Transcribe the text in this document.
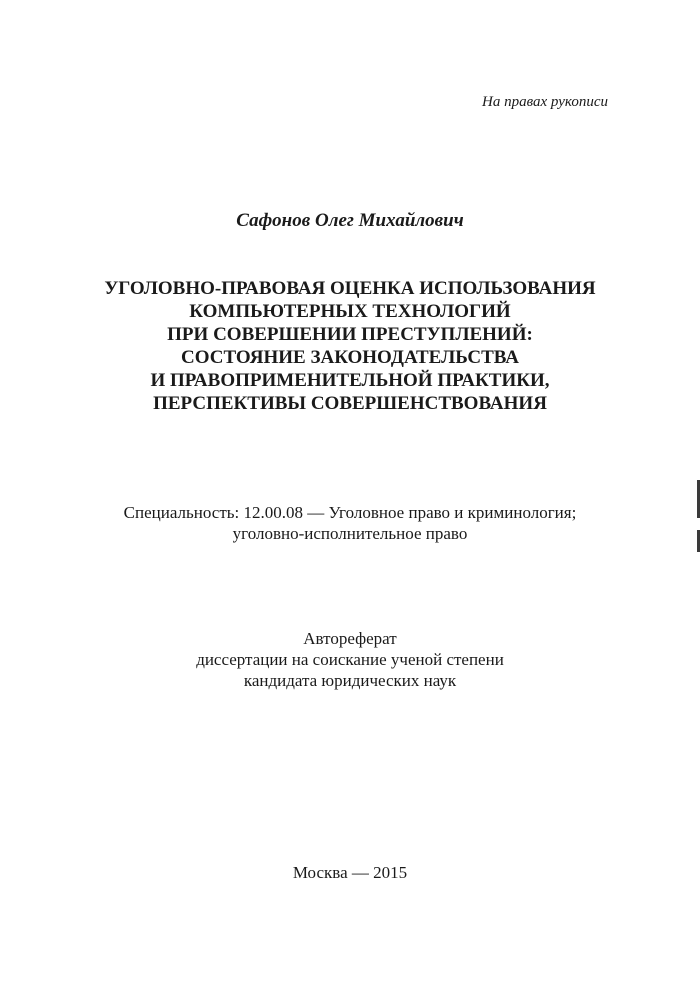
На правах рукописи
Сафонов Олег Михайлович
УГОЛОВНО-ПРАВОВАЯ ОЦЕНКА ИСПОЛЬЗОВАНИЯ
КОМПЬЮТЕРНЫХ ТЕХНОЛОГИЙ
ПРИ СОВЕРШЕНИИ ПРЕСТУПЛЕНИЙ:
СОСТОЯНИЕ ЗАКОНОДАТЕЛЬСТВА
И ПРАВОПРИМЕНИТЕЛЬНОЙ ПРАКТИКИ,
ПЕРСПЕКТИВЫ СОВЕРШЕНСТВОВАНИЯ
Специальность: 12.00.08 — Уголовное право и криминология;
уголовно-исполнительное право
Автореферат
диссертации на соискание ученой степени
кандидата юридических наук
Москва — 2015
